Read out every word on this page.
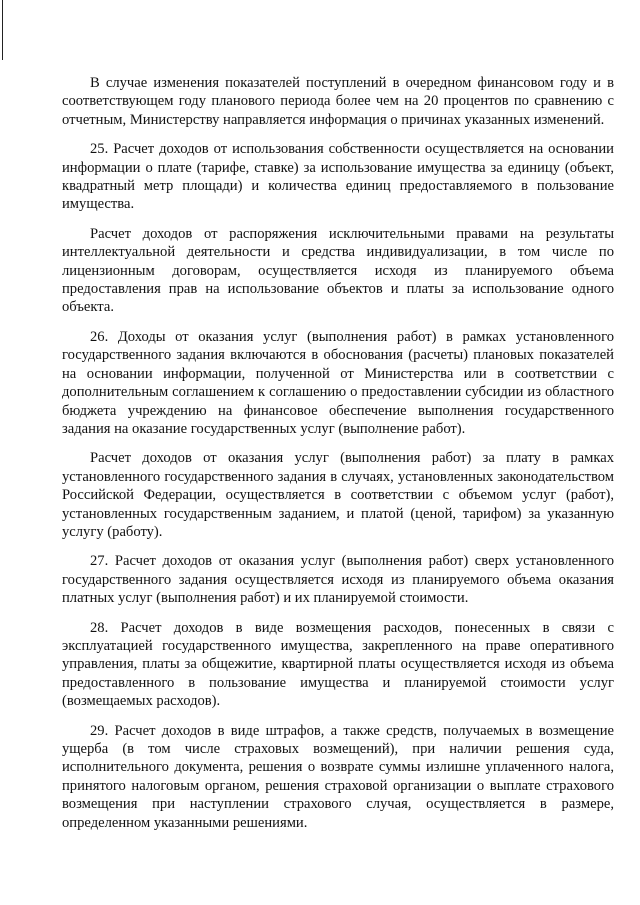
В случае изменения показателей поступлений в очередном финансовом году и в соответствующем году планового периода более чем на 20 процентов по сравнению с отчетным, Министерству направляется информация о причинах указанных изменений.

25. Расчет доходов от использования собственности осуществляется на основании информации о плате (тарифе, ставке) за использование имущества за единицу (объект, квадратный метр площади) и количества единиц предоставляемого в пользование имущества.

Расчет доходов от распоряжения исключительными правами на результаты интеллектуальной деятельности и средства индивидуализации, в том числе по лицензионным договорам, осуществляется исходя из планируемого объема предоставления прав на использование объектов и платы за использование одного объекта.

26. Доходы от оказания услуг (выполнения работ) в рамках установленного государственного задания включаются в обоснования (расчеты) плановых показателей на основании информации, полученной от Министерства или в соответствии с дополнительным соглашением к соглашению о предоставлении субсидии из областного бюджета учреждению на финансовое обеспечение выполнения государственного задания на оказание государственных услуг (выполнение работ).

Расчет доходов от оказания услуг (выполнения работ) за плату в рамках установленного государственного задания в случаях, установленных законодательством Российской Федерации, осуществляется в соответствии с объемом услуг (работ), установленных государственным заданием, и платой (ценой, тарифом) за указанную услугу (работу).

27. Расчет доходов от оказания услуг (выполнения работ) сверх установленного государственного задания осуществляется исходя из планируемого объема оказания платных услуг (выполнения работ) и их планируемой стоимости.

28. Расчет доходов в виде возмещения расходов, понесенных в связи с эксплуатацией государственного имущества, закрепленного на праве оперативного управления, платы за общежитие, квартирной платы осуществляется исходя из объема предоставленного в пользование имущества и планируемой стоимости услуг (возмещаемых расходов).

29. Расчет доходов в виде штрафов, а также средств, получаемых в возмещение ущерба (в том числе страховых возмещений), при наличии решения суда, исполнительного документа, решения о возврате суммы излишне уплаченного налога, принятого налоговым органом, решения страховой организации о выплате страхового возмещения при наступлении страхового случая, осуществляется в размере, определенном указанными решениями.
